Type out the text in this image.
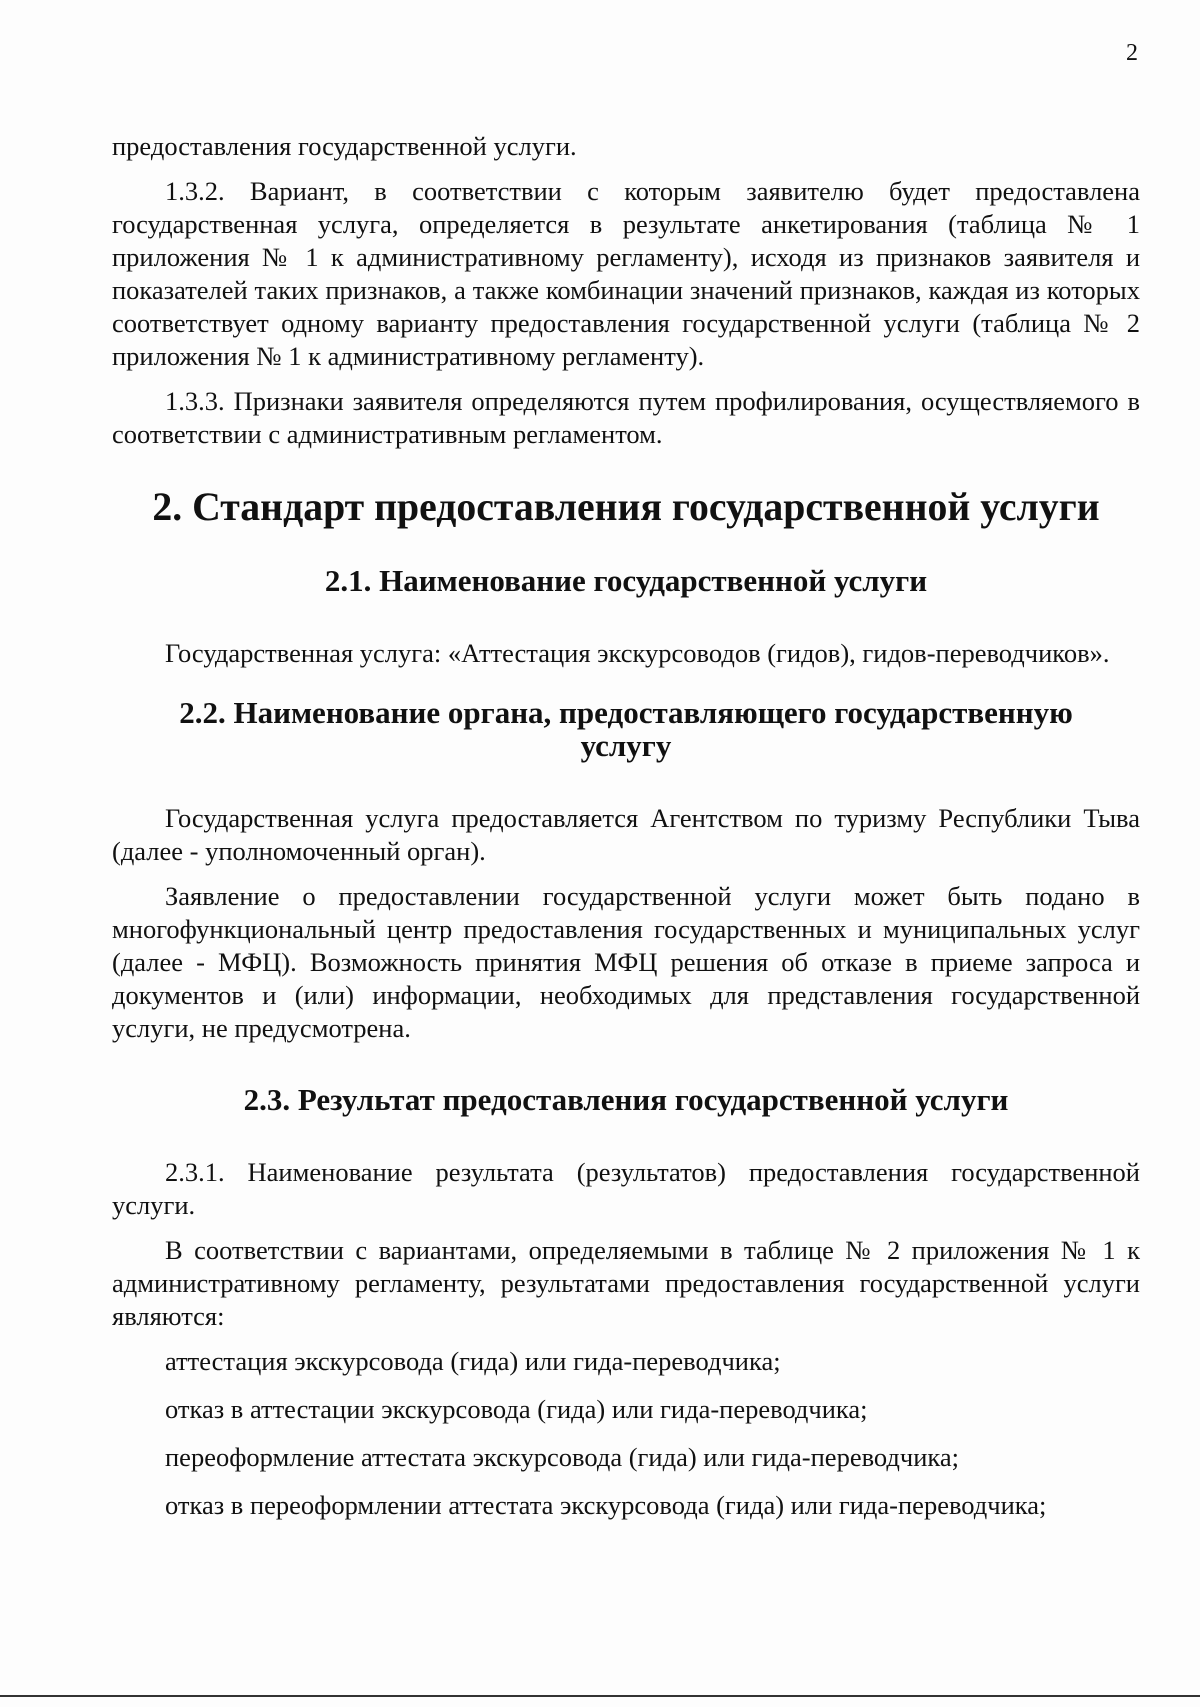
2

предоставления государственной услуги.

1.3.2. Вариант, в соответствии с которым заявителю будет предоставлена государственная услуга, определяется в результате анкетирования (таблица № 1 приложения № 1 к административному регламенту), исходя из признаков заявителя и показателей таких признаков, а также комбинации значений признаков, каждая из которых соответствует одному варианту предоставления государственной услуги (таблица № 2 приложения № 1 к административному регламенту).

1.3.3. Признаки заявителя определяются путем профилирования, осуществляемого в соответствии с административным регламентом.

2. Стандарт предоставления государственной услуги
2.1. Наименование государственной услуги

Государственная услуга: «Аттестация экскурсоводов (гидов), гидов-переводчиков».

2.2. Наименование органа, предоставляющего государственную
услугу

Государственная услуга предоставляется Агентством по туризму Республики Тыва (далее - уполномоченный орган).

Заявление о предоставлении государственной услуги может быть подано в многофункциональный центр предоставления государственных и муниципальных услуг (далее - МФЦ). Возможность принятия МФЦ решения об отказе в приеме запроса и документов и (или) информации, необходимых для представления государственной услуги, не предусмотрена.

2.3. Результат предоставления государственной услуги

2.3.1. Наименование результата (результатов) предоставления государственной услуги.

В соответствии с вариантами, определяемыми в таблице № 2 приложения № 1 к административному регламенту, результатами предоставления государственной услуги являются:

аттестация экскурсовода (гида) или гида-переводчика;

отказ в аттестации экскурсовода (гида) или гида-переводчика;

переоформление аттестата экскурсовода (гида) или гида-переводчика;

отказ в переоформлении аттестата экскурсовода (гида) или гида-переводчика;
